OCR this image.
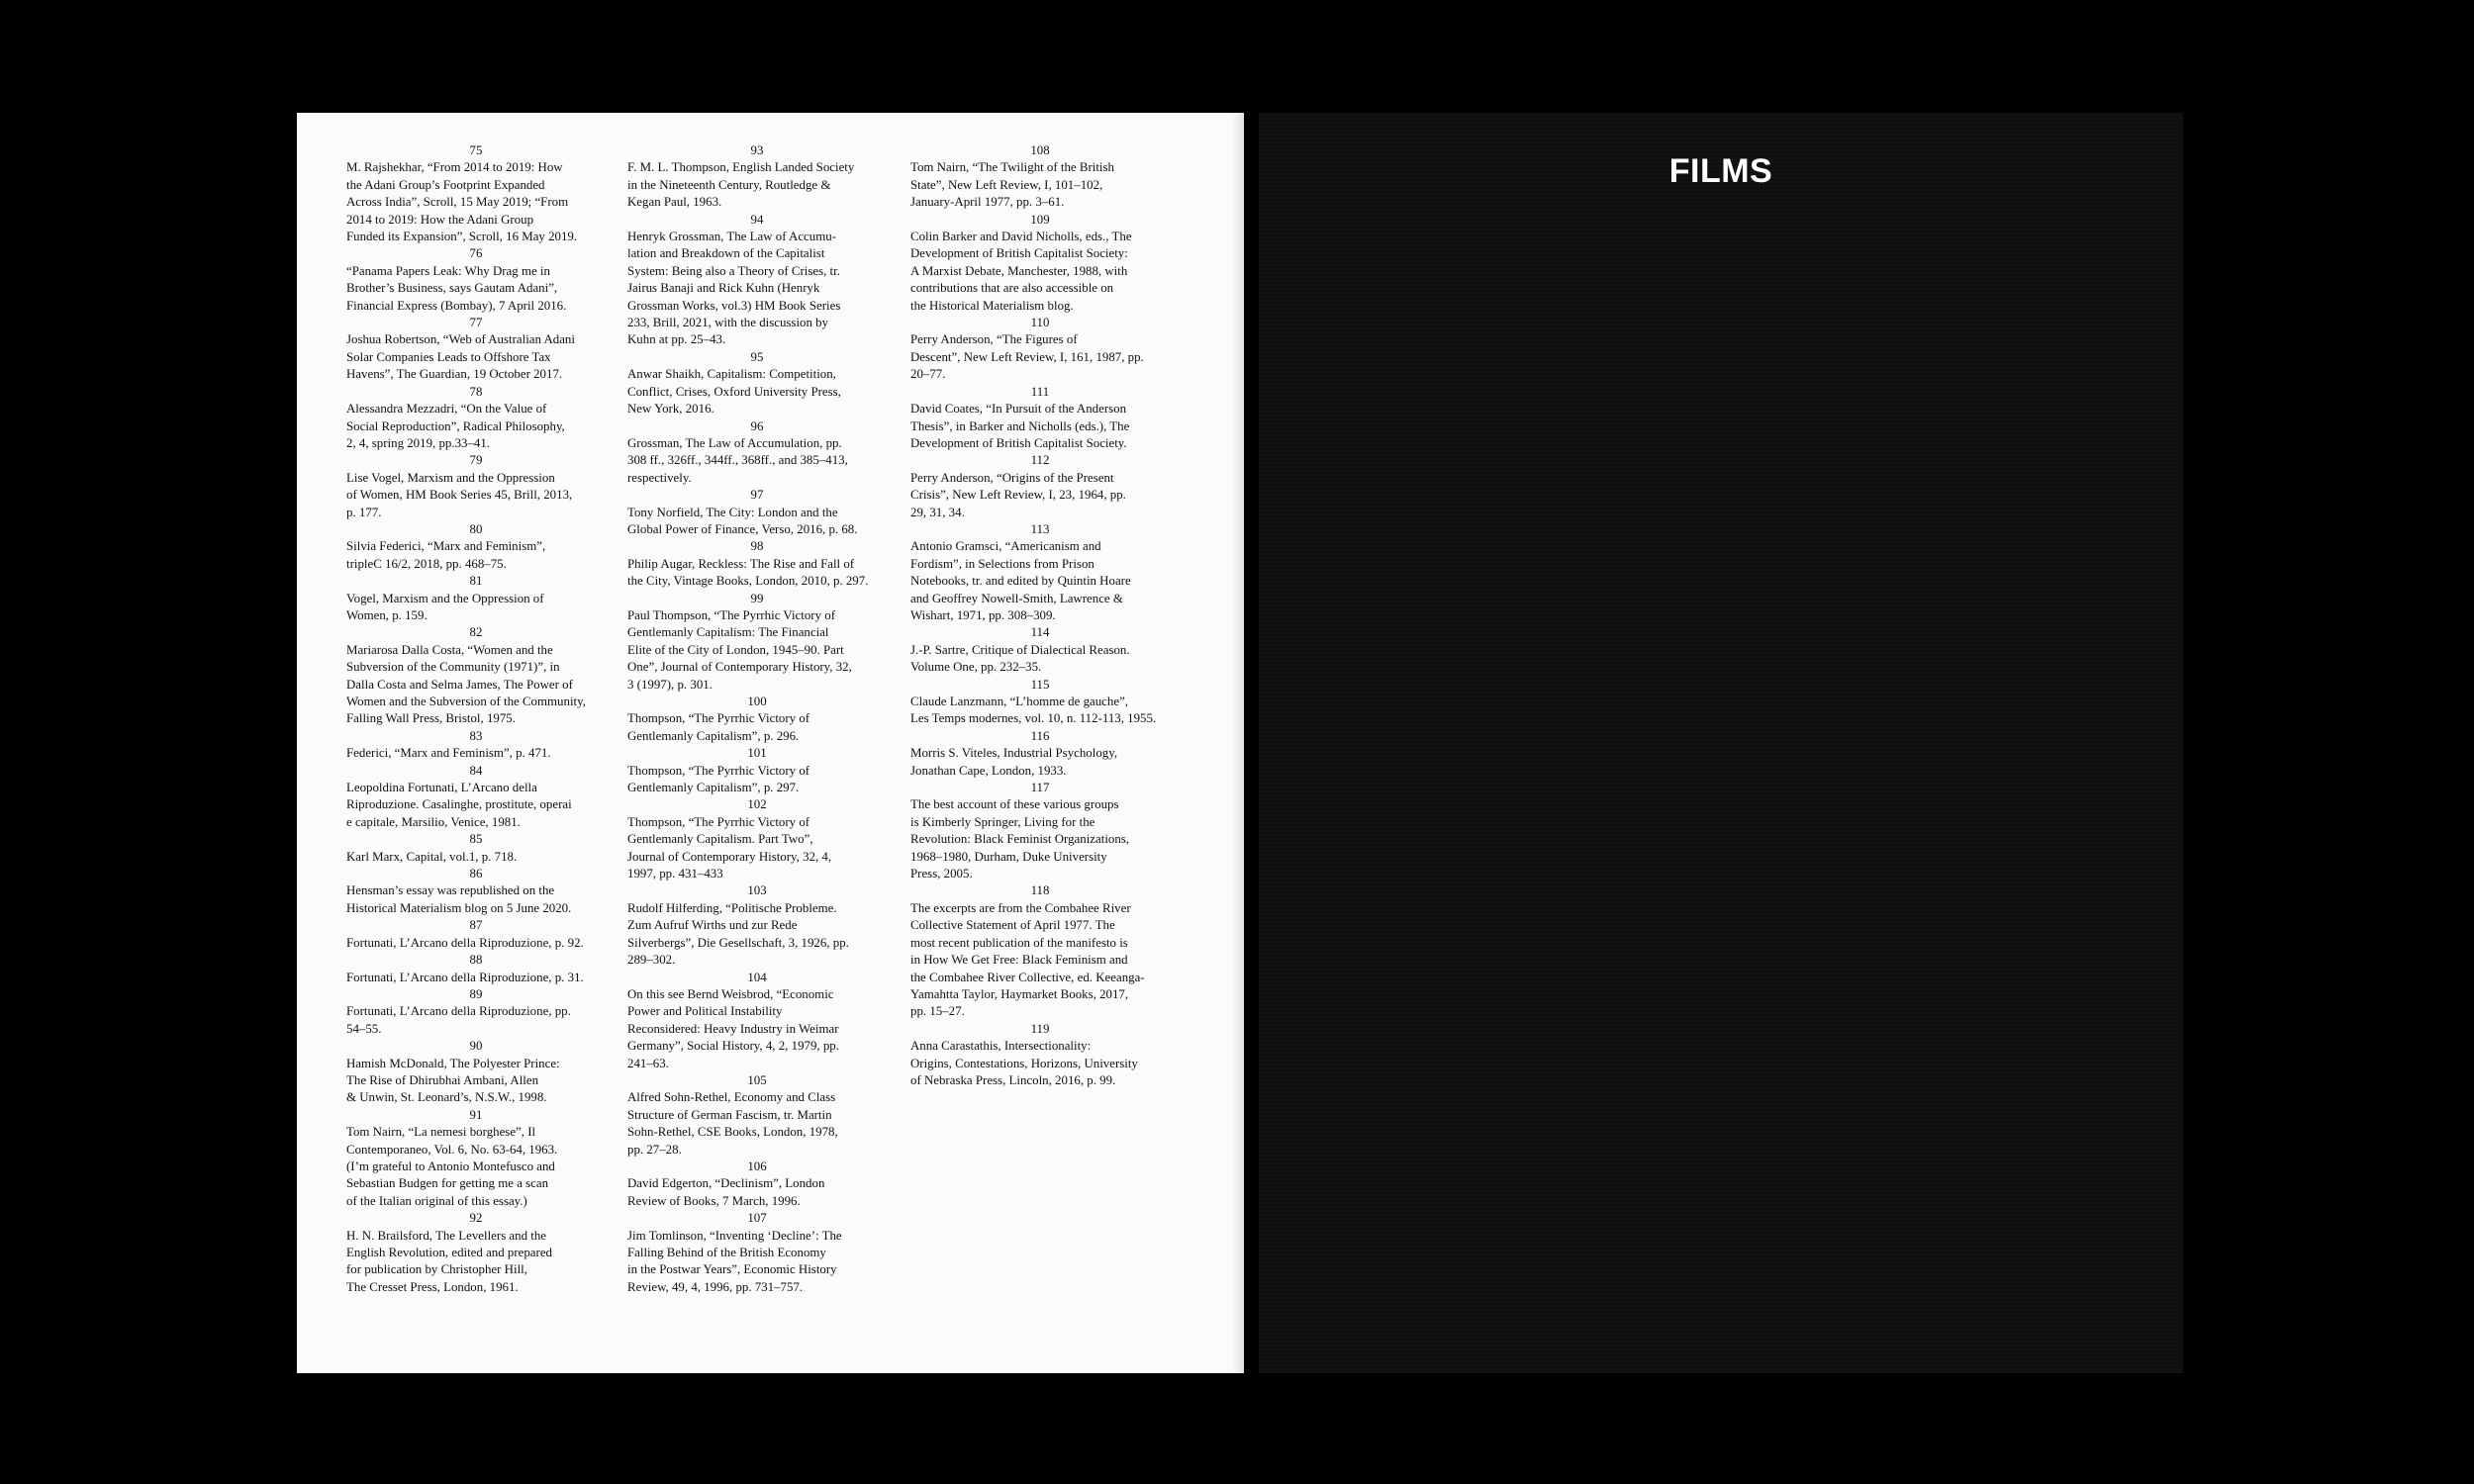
75
M. Rajshekhar, “From 2014 to 2019: How
the Adani Group’s Footprint Expanded
Across India”, Scroll, 15 May 2019; “From
2014 to 2019: How the Adani Group
Funded its Expansion”, Scroll, 16 May 2019.
76
“Panama Papers Leak: Why Drag me in
Brother’s Business, says Gautam Adani”,
Financial Express (Bombay), 7 April 2016.
77
Joshua Robertson, “Web of Australian Adani
Solar Companies Leads to Offshore Tax
Havens”, The Guardian, 19 October 2017.
78
Alessandra Mezzadri, “On the Value of
Social Reproduction”, Radical Philosophy,
2, 4, spring 2019, pp.33–41.
79
Lise Vogel, Marxism and the Oppression
of Women, HM Book Series 45, Brill, 2013,
p. 177.
80
Silvia Federici, “Marx and Feminism”,
tripleC 16/2, 2018, pp. 468–75.
81
Vogel, Marxism and the Oppression of
Women, p. 159.
82
Mariarosa Dalla Costa, “Women and the
Subversion of the Community (1971)”, in
Dalla Costa and Selma James, The Power of
Women and the Subversion of the Community,
Falling Wall Press, Bristol, 1975.
83
Federici, “Marx and Feminism”, p. 471.
84
Leopoldina Fortunati, L’Arcano della
Riproduzione. Casalinghe, prostitute, operai
e capitale, Marsilio, Venice, 1981.
85
Karl Marx, Capital, vol.1, p. 718.
86
Hensman’s essay was republished on the
Historical Materialism blog on 5 June 2020.
87
Fortunati, L’Arcano della Riproduzione, p. 92.
88
Fortunati, L’Arcano della Riproduzione, p. 31.
89
Fortunati, L’Arcano della Riproduzione, pp.
54–55.
90
Hamish McDonald, The Polyester Prince:
The Rise of Dhirubhai Ambani, Allen
& Unwin, St. Leonard’s, N.S.W., 1998.
91
Tom Nairn, “La nemesi borghese”, Il
Contemporaneo, Vol. 6, No. 63-64, 1963.
(I’m grateful to Antonio Montefusco and
Sebastian Budgen for getting me a scan
of the Italian original of this essay.)
92
H. N. Brailsford, The Levellers and the
English Revolution, edited and prepared
for publication by Christopher Hill,
The Cresset Press, London, 1961.
93
F. M. L. Thompson, English Landed Society
in the Nineteenth Century, Routledge &
Kegan Paul, 1963.
94
Henryk Grossman, The Law of Accumu-
lation and Breakdown of the Capitalist
System: Being also a Theory of Crises, tr.
Jairus Banaji and Rick Kuhn (Henryk
Grossman Works, vol.3) HM Book Series
233, Brill, 2021, with the discussion by
Kuhn at pp. 25–43.
95
Anwar Shaikh, Capitalism: Competition,
Conflict, Crises, Oxford University Press,
New York, 2016.
96
Grossman, The Law of Accumulation, pp.
308 ff., 326ff., 344ff., 368ff., and 385–413,
respectively.
97
Tony Norfield, The City: London and the
Global Power of Finance, Verso, 2016, p. 68.
98
Philip Augar, Reckless: The Rise and Fall of
the City, Vintage Books, London, 2010, p. 297.
99
Paul Thompson, “The Pyrrhic Victory of
Gentlemanly Capitalism: The Financial
Elite of the City of London, 1945–90. Part
One”, Journal of Contemporary History, 32,
3 (1997), p. 301.
100
Thompson, “The Pyrrhic Victory of
Gentlemanly Capitalism”, p. 296.
101
Thompson, “The Pyrrhic Victory of
Gentlemanly Capitalism”, p. 297.
102
Thompson, “The Pyrrhic Victory of
Gentlemanly Capitalism. Part Two”,
Journal of Contemporary History, 32, 4,
1997, pp. 431–433
103
Rudolf Hilferding, “Politische Probleme.
Zum Aufruf Wirths und zur Rede
Silverbergs”, Die Gesellschaft, 3, 1926, pp.
289–302.
104
On this see Bernd Weisbrod, “Economic
Power and Political Instability
Reconsidered: Heavy Industry in Weimar
Germany”, Social History, 4, 2, 1979, pp.
241–63.
105
Alfred Sohn-Rethel, Economy and Class
Structure of German Fascism, tr. Martin
Sohn-Rethel, CSE Books, London, 1978,
pp. 27–28.
106
David Edgerton, “Declinism”, London
Review of Books, 7 March, 1996.
107
Jim Tomlinson, “Inventing ‘Decline’: The
Falling Behind of the British Economy
in the Postwar Years”, Economic History
Review, 49, 4, 1996, pp. 731–757.
108
Tom Nairn, “The Twilight of the British
State”, New Left Review, I, 101–102,
January-April 1977, pp. 3–61.
109
Colin Barker and David Nicholls, eds., The
Development of British Capitalist Society:
A Marxist Debate, Manchester, 1988, with
contributions that are also accessible on
the Historical Materialism blog.
110
Perry Anderson, “The Figures of
Descent”, New Left Review, I, 161, 1987, pp.
20–77.
111
David Coates, “In Pursuit of the Anderson
Thesis”, in Barker and Nicholls (eds.), The
Development of British Capitalist Society.
112
Perry Anderson, “Origins of the Present
Crisis”, New Left Review, I, 23, 1964, pp.
29, 31, 34.
113
Antonio Gramsci, “Americanism and
Fordism”, in Selections from Prison
Notebooks, tr. and edited by Quintin Hoare
and Geoffrey Nowell-Smith, Lawrence &
Wishart, 1971, pp. 308–309.
114
J.-P. Sartre, Critique of Dialectical Reason.
Volume One, pp. 232–35.
115
Claude Lanzmann, “L’homme de gauche”,
Les Temps modernes, vol. 10, n. 112-113, 1955.
116
Morris S. Viteles, Industrial Psychology,
Jonathan Cape, London, 1933.
117
The best account of these various groups
is Kimberly Springer, Living for the
Revolution: Black Feminist Organizations,
1968–1980, Durham, Duke University
Press, 2005.
118
The excerpts are from the Combahee River
Collective Statement of April 1977. The
most recent publication of the manifesto is
in How We Get Free: Black Feminism and
the Combahee River Collective, ed. Keeanga-
Yamahtta Taylor, Haymarket Books, 2017,
pp. 15–27.
119
Anna Carastathis, Intersectionality:
Origins, Contestations, Horizons, University
of Nebraska Press, Lincoln, 2016, p. 99.
FILMS
